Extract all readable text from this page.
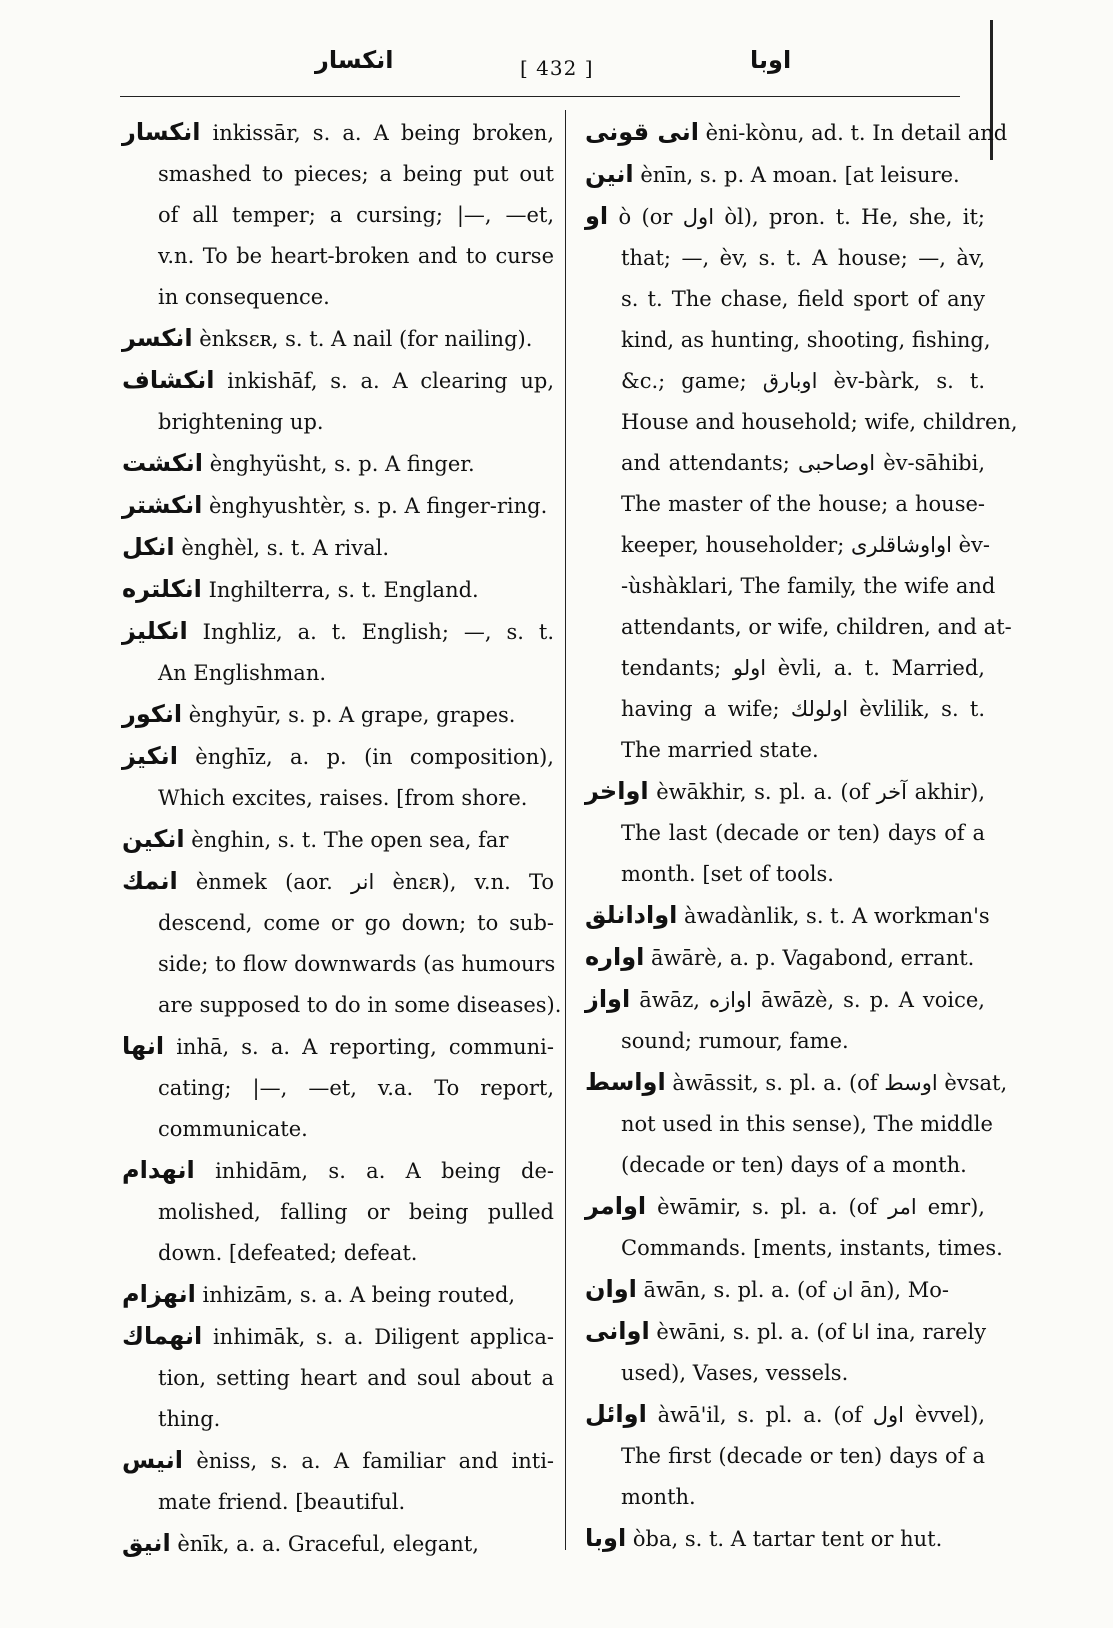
انكسار	[ 432 ]	اوبا
انكسار inkissār, s. a. A being broken,
smashed to pieces; a being put out
of all temper; a cursing; |—, —et,
v.n. To be heart-broken and to curse
in consequence.
انكسر ènksɛʀ, s. t. A nail (for nailing).
انكشاف inkishāf, s. a. A clearing up,
brightening up.
انكشت ènghyüsht, s. p. A finger.
انكشتر ènghyushtèr, s. p. A finger-ring.
انكل ènghèl, s. t. A rival.
انكلتره Inghilterra, s. t. England.
انكليز Inghliz, a. t. English; —, s. t.
An Englishman.
انكور ènghyūr, s. p. A grape, grapes.
انكيز ènghīz, a. p. (in composition),
Which excites, raises. [from shore.
انكين ènghin, s. t. The open sea, far
انمك ènmek (aor. انر ènɛʀ), v.n. To
descend, come or go down; to sub-
side; to flow downwards (as humours
are supposed to do in some diseases).
انها inhā, s. a. A reporting, communi-
cating; |—, —et, v.a. To report,
communicate.
انهدام inhidām, s. a. A being de-
molished, falling or being pulled
down. [defeated; defeat.
انهزام inhizām, s. a. A being routed,
انهماك inhimāk, s. a. Diligent applica-
tion, setting heart and soul about a
thing.
انيس èniss, s. a. A familiar and inti-
mate friend. [beautiful.
انيق ènīk, a. a. Graceful, elegant,
انى قونى èni-kònu, ad. t. In detail and
انين ènīn, s. p. A moan. [at leisure.
او ò (or اول òl), pron. t. He, she, it;
that; —, èv, s. t. A house; —, àv,
s. t. The chase, field sport of any
kind, as hunting, shooting, fishing,
&c.; game; اوبارق èv-bàrk, s. t.
House and household; wife, children,
and attendants; اوصاحبى èv-sāhibi,
The master of the house; a house-
keeper, householder; اواوشاقلرى èv-
-ùshàklari, The family, the wife and
attendants, or wife, children, and at-
tendants; اولو èvli, a. t. Married,
having a wife; اولولك èvlilik, s. t.
The married state.
اواخر èwākhir, s. pl. a. (of آخر akhir),
The last (decade or ten) days of a
month. [set of tools.
اوادانلق àwadànlik, s. t. A workman's
اواره āwārè, a. p. Vagabond, errant.
اواز āwāz, اوازه āwāzè, s. p. A voice,
sound; rumour, fame.
اواسط àwāssit, s. pl. a. (of اوسط èvsat,
not used in this sense), The middle
(decade or ten) days of a month.
اوامر èwāmir, s. pl. a. (of امر emr),
Commands. [ments, instants, times.
اوان āwān, s. pl. a. (of ان ān), Mo-
اوانى èwāni, s. pl. a. (of انا ina, rarely
used), Vases, vessels.
اوائل àwā'il, s. pl. a. (of اول èvvel),
The first (decade or ten) days of a
month.
اوبا òba, s. t. A tartar tent or hut.
